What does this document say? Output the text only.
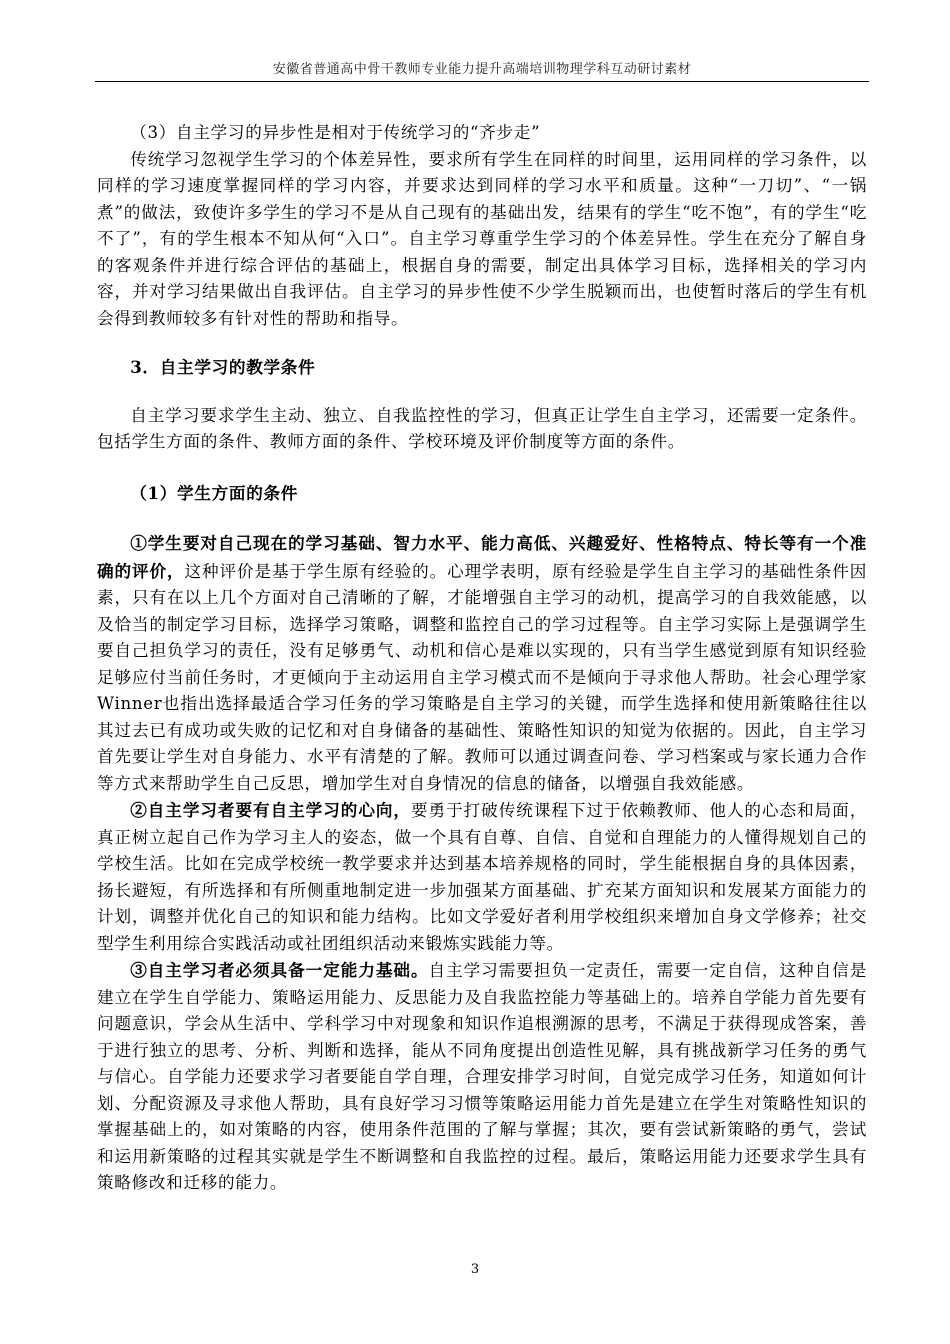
安徽省普通高中骨干教师专业能力提升高端培训物理学科互动研讨素材

（3）自主学习的异步性是相对于传统学习的“齐步走”

传统学习忽视学生学习的个体差异性，要求所有学生在同样的时间里，运用同样的学习条件，以同样的学习速度掌握同样的学习内容，并要求达到同样的学习水平和质量。这种“一刀切”、“一锅煮”的做法，致使许多学生的学习不是从自己现有的基础出发，结果有的学生“吃不饱”，有的学生“吃不了”，有的学生根本不知从何“入口”。自主学习尊重学生学习的个体差异性。学生在充分了解自身的客观条件并进行综合评估的基础上，根据自身的需要，制定出具体学习目标，选择相关的学习内容，并对学习结果做出自我评估。自主学习的异步性使不少学生脱颖而出，也使暂时落后的学生有机会得到教师较多有针对性的帮助和指导。

3．自主学习的教学条件

自主学习要求学生主动、独立、自我监控性的学习，但真正让学生自主学习，还需要一定条件。包括学生方面的条件、教师方面的条件、学校环境及评价制度等方面的条件。

（1）学生方面的条件

①学生要对自己现在的学习基础、智力水平、能力高低、兴趣爱好、性格特点、特长等有一个准确的评价，这种评价是基于学生原有经验的。心理学表明，原有经验是学生自主学习的基础性条件因素，只有在以上几个方面对自己清晰的了解，才能增强自主学习的动机，提高学习的自我效能感，以及恰当的制定学习目标，选择学习策略，调整和监控自己的学习过程等。自主学习实际上是强调学生要自己担负学习的责任，没有足够勇气、动机和信心是难以实现的，只有当学生感觉到原有知识经验足够应付当前任务时，才更倾向于主动运用自主学习模式而不是倾向于寻求他人帮助。社会心理学家Winner也指出选择最适合学习任务的学习策略是自主学习的关键，而学生选择和使用新策略往往以其过去已有成功或失败的记忆和对自身储备的基础性、策略性知识的知觉为依据的。因此，自主学习首先要让学生对自身能力、水平有清楚的了解。教师可以通过调查问卷、学习档案或与家长通力合作等方式来帮助学生自己反思，增加学生对自身情况的信息的储备，以增强自我效能感。

②自主学习者要有自主学习的心向，要勇于打破传统课程下过于依赖教师、他人的心态和局面，真正树立起自己作为学习主人的姿态，做一个具有自尊、自信、自觉和自理能力的人懂得规划自己的学校生活。比如在完成学校统一教学要求并达到基本培养规格的同时，学生能根据自身的具体因素，扬长避短，有所选择和有所侧重地制定进一步加强某方面基础、扩充某方面知识和发展某方面能力的计划，调整并优化自己的知识和能力结构。比如文学爱好者利用学校组织来增加自身文学修养；社交型学生利用综合实践活动或社团组织活动来锻炼实践能力等。

③自主学习者必须具备一定能力基础。自主学习需要担负一定责任，需要一定自信，这种自信是建立在学生自学能力、策略运用能力、反思能力及自我监控能力等基础上的。培养自学能力首先要有问题意识，学会从生活中、学科学习中对现象和知识作追根溯源的思考，不满足于获得现成答案，善于进行独立的思考、分析、判断和选择，能从不同角度提出创造性见解，具有挑战新学习任务的勇气与信心。自学能力还要求学习者要能自学自理，合理安排学习时间，自觉完成学习任务，知道如何计划、分配资源及寻求他人帮助，具有良好学习习惯等策略运用能力首先是建立在学生对策略性知识的掌握基础上的，如对策略的内容，使用条件范围的了解与掌握；其次，要有尝试新策略的勇气，尝试和运用新策略的过程其实就是学生不断调整和自我监控的过程。最后，策略运用能力还要求学生具有策略修改和迁移的能力。

3
